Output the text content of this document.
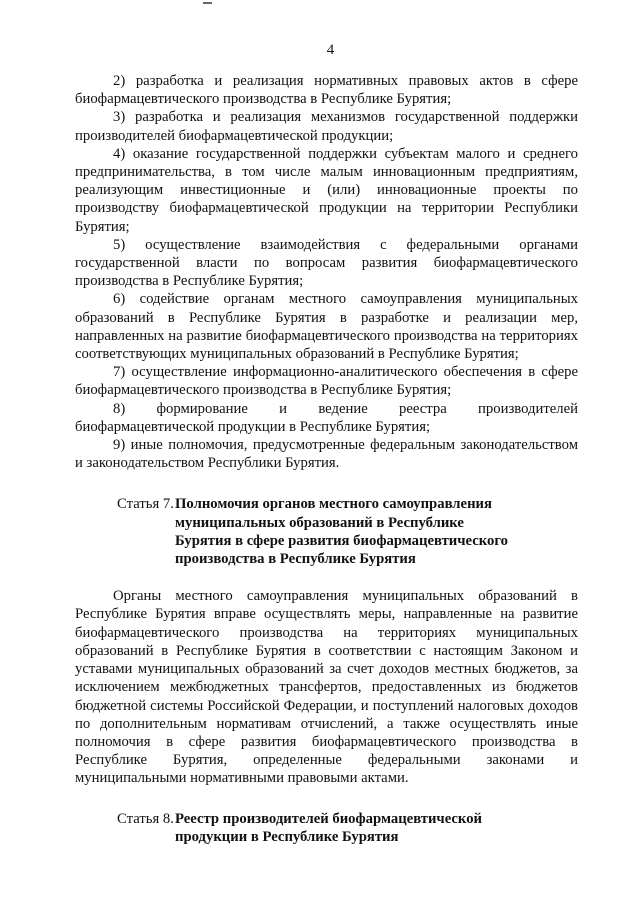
4

2) разработка и реализация нормативных правовых актов в сфере биофармацевтического производства в Республике Бурятия;

3) разработка и реализация механизмов государственной поддержки производителей биофармацевтической продукции;

4) оказание государственной поддержки субъектам малого и среднего предпринимательства, в том числе малым инновационным предприятиям, реализующим инвестиционные и (или) инновационные проекты по производству биофармацевтической продукции на территории Республики Бурятия;

5) осуществление взаимодействия с федеральными органами государственной власти по вопросам развития биофармацевтического производства в Республике Бурятия;

6) содействие органам местного самоуправления муниципальных образований в Республике Бурятия в разработке и реализации мер, направленных на развитие биофармацевтического производства на территориях соответствующих муниципальных образований в Республике Бурятия;

7) осуществление информационно-аналитического обеспечения в сфере биофармацевтического производства в Республике Бурятия;

8) формирование и ведение реестра производителей биофармацевтической продукции в Республике Бурятия;

9) иные полномочия, предусмотренные федеральным законодательством и законодательством Республики Бурятия.

Статья 7. Полномочия органов местного самоуправления
муниципальных образований в Республике
Бурятия в сфере развития биофармацевтического
производства в Республике Бурятия

Органы местного самоуправления муниципальных образований в Республике Бурятия вправе осуществлять меры, направленные на развитие биофармацевтического производства на территориях муниципальных образований в Республике Бурятия в соответствии с настоящим Законом и уставами муниципальных образований за счет доходов местных бюджетов, за исключением межбюджетных трансфертов, предоставленных из бюджетов бюджетной системы Российской Федерации, и поступлений налоговых доходов по дополнительным нормативам отчислений, а также осуществлять иные полномочия в сфере развития биофармацевтического производства в Республике Бурятия, определенные федеральными законами и муниципальными нормативными правовыми актами.

Статья 8. Реестр производителей биофармацевтической
продукции в Республике Бурятия
